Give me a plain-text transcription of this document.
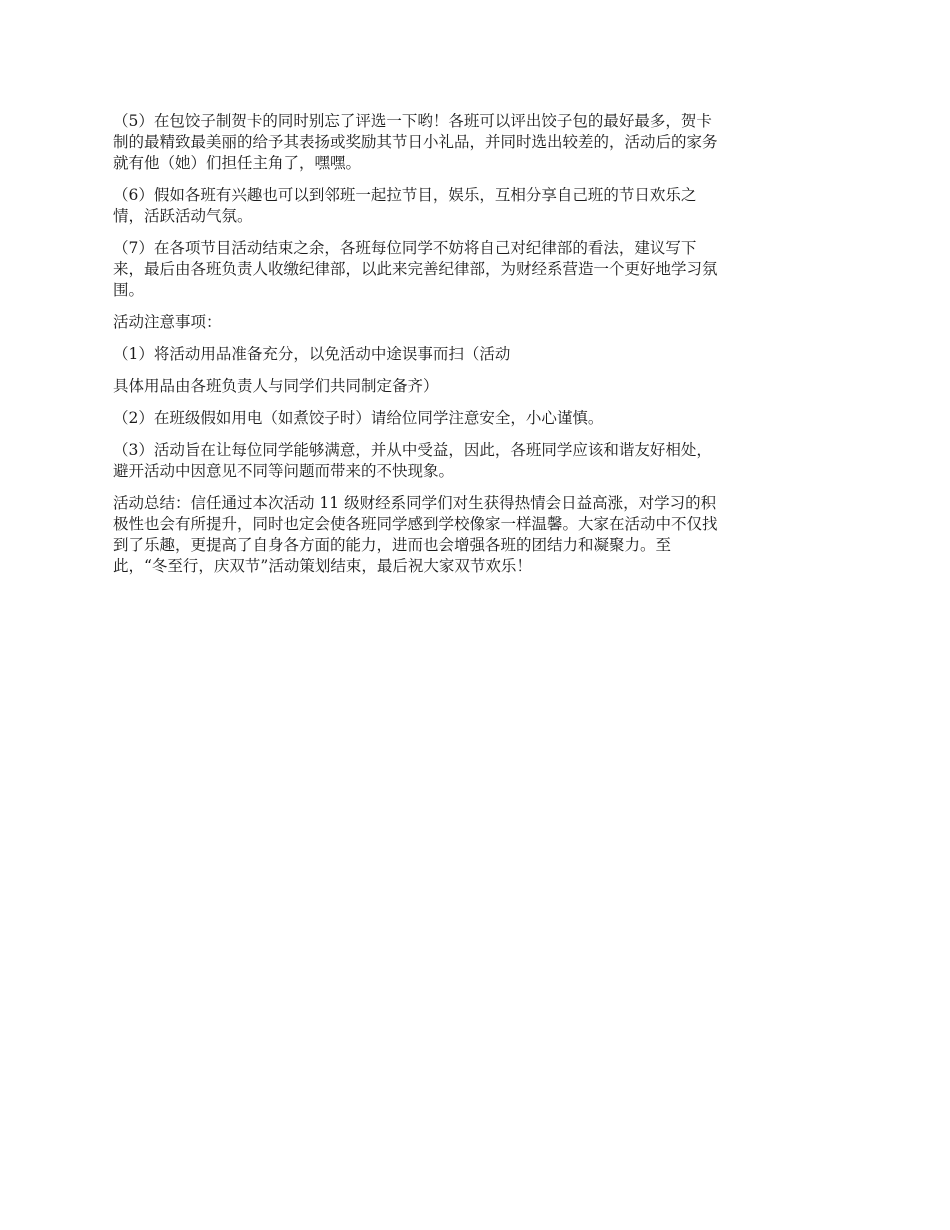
（5）在包饺子制贺卡的同时别忘了评选一下哟！各班可以评出饺子包的最好最多，贺卡
制的最精致最美丽的给予其表扬或奖励其节日小礼品，并同时选出较差的，活动后的家务
就有他（她）们担任主角了，嘿嘿。

（6）假如各班有兴趣也可以到邻班一起拉节目，娱乐，互相分享自己班的节日欢乐之
情，活跃活动气氛。

（7）在各项节目活动结束之余，各班每位同学不妨将自己对纪律部的看法，建议写下
来，最后由各班负责人收缴纪律部，以此来完善纪律部，为财经系营造一个更好地学习氛
围。

活动注意事项：

（1）将活动用品准备充分，以免活动中途误事而扫（活动

具体用品由各班负责人与同学们共同制定备齐）

（2）在班级假如用电（如煮饺子时）请给位同学注意安全，小心谨慎。

（3）活动旨在让每位同学能够满意，并从中受益，因此，各班同学应该和谐友好相处，
避开活动中因意见不同等问题而带来的不快现象。

活动总结：信任通过本次活动 11 级财经系同学们对生获得热情会日益高涨，对学习的积
极性也会有所提升，同时也定会使各班同学感到学校像家一样温馨。大家在活动中不仅找
到了乐趣，更提高了自身各方面的能力，进而也会增强各班的团结力和凝聚力。至
此，“冬至行，庆双节”活动策划结束，最后祝大家双节欢乐！
